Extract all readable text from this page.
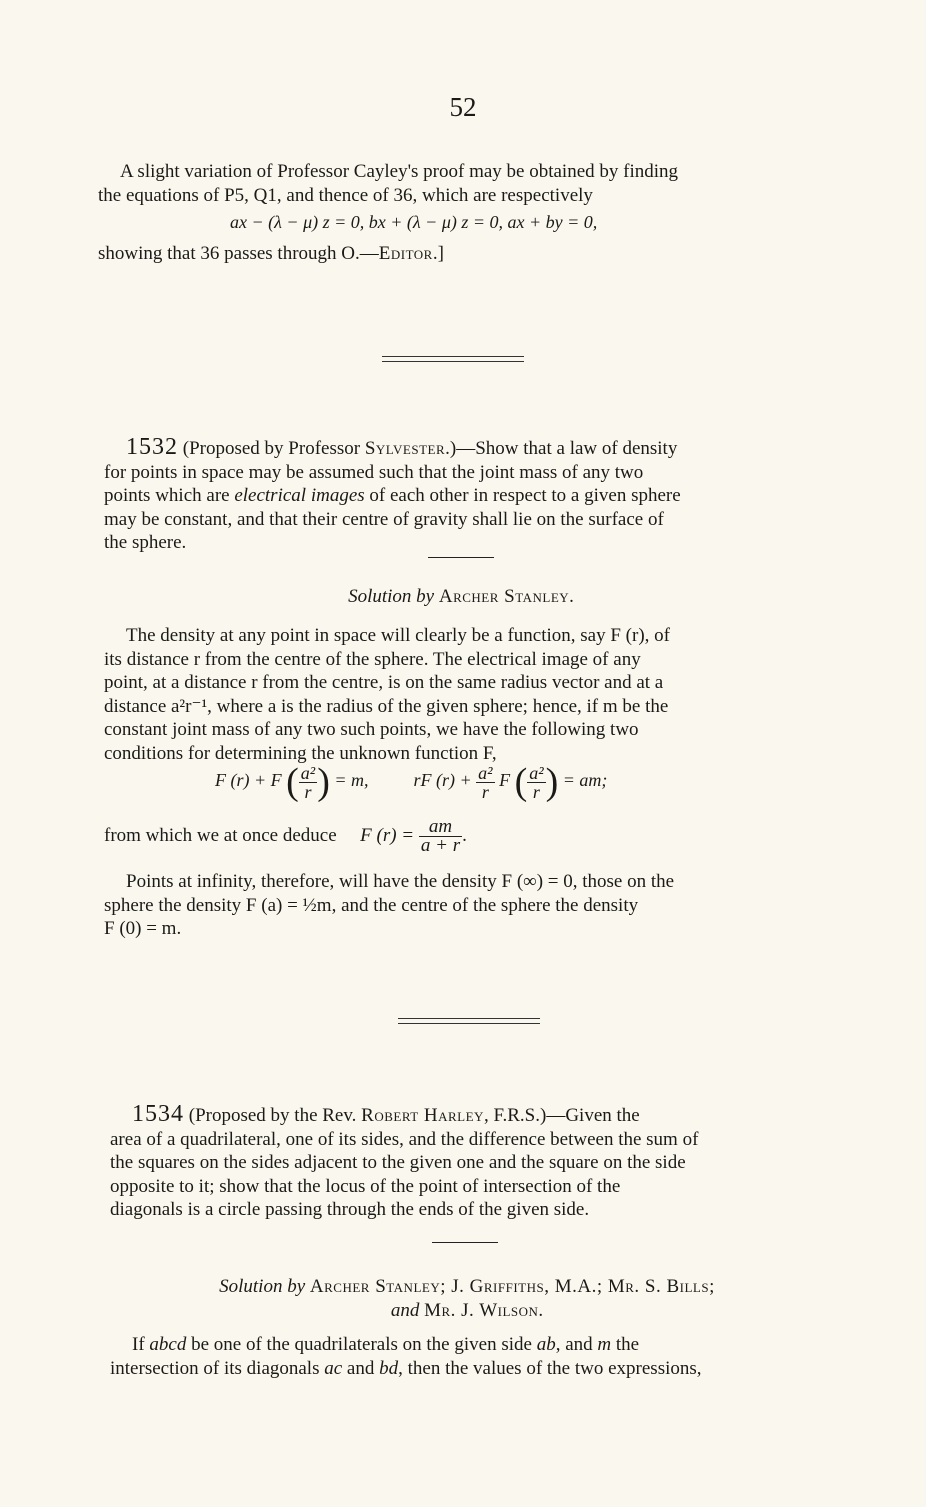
52
A slight variation of Professor Cayley's proof may be obtained by finding
the equations of P5, Q1, and thence of 36, which are respectively
ax − (λ − μ) z = 0, bx + (λ − μ) z = 0, ax + by = 0,
showing that 36 passes through O.—Editor.]
1532 (Proposed by Professor Sylvester.)—Show that a law of density
for points in space may be assumed such that the joint mass of any two
points which are electrical images of each other in respect to a given sphere
may be constant, and that their centre of gravity shall lie on the surface of
the sphere.
Solution by Archer Stanley.
The density at any point in space will clearly be a function, say F (r), of
its distance r from the centre of the sphere. The electrical image of any
point, at a distance r from the centre, is on the same radius vector and at a
distance a²r⁻¹, where a is the radius of the given sphere; hence, if m be the
constant joint mass of any two such points, we have the following two
conditions for determining the unknown function F,
F (r) + F ( $\frac{\text{a²}}{r}$ ) = m,	rF $(r) + \frac{\text{a²}}{r}$ F ( $\frac{\text{a²}}{r}$ ) = am;
from which we at once deduce F $(r) = \frac{am}{a + r}$ .
Points at infinity, therefore, will have the density F (∞) = 0, those on the
sphere the density F (a) = ½m, and the centre of the sphere the density
F (0) = m.
1534 (Proposed by the Rev. Robert Harley, F.R.S.)—Given the
area of a quadrilateral, one of its sides, and the difference between the sum of
the squares on the sides adjacent to the given one and the square on the side
opposite to it; show that the locus of the point of intersection of the
diagonals is a circle passing through the ends of the given side.
Solution by Archer Stanley; J. Griffiths, M.A.; Mr. S. Bills;
and Mr. J. Wilson.
If abcd be one of the quadrilaterals on the given side ab, and m the
intersection of its diagonals ac and bd, then the values of the two expressions,
